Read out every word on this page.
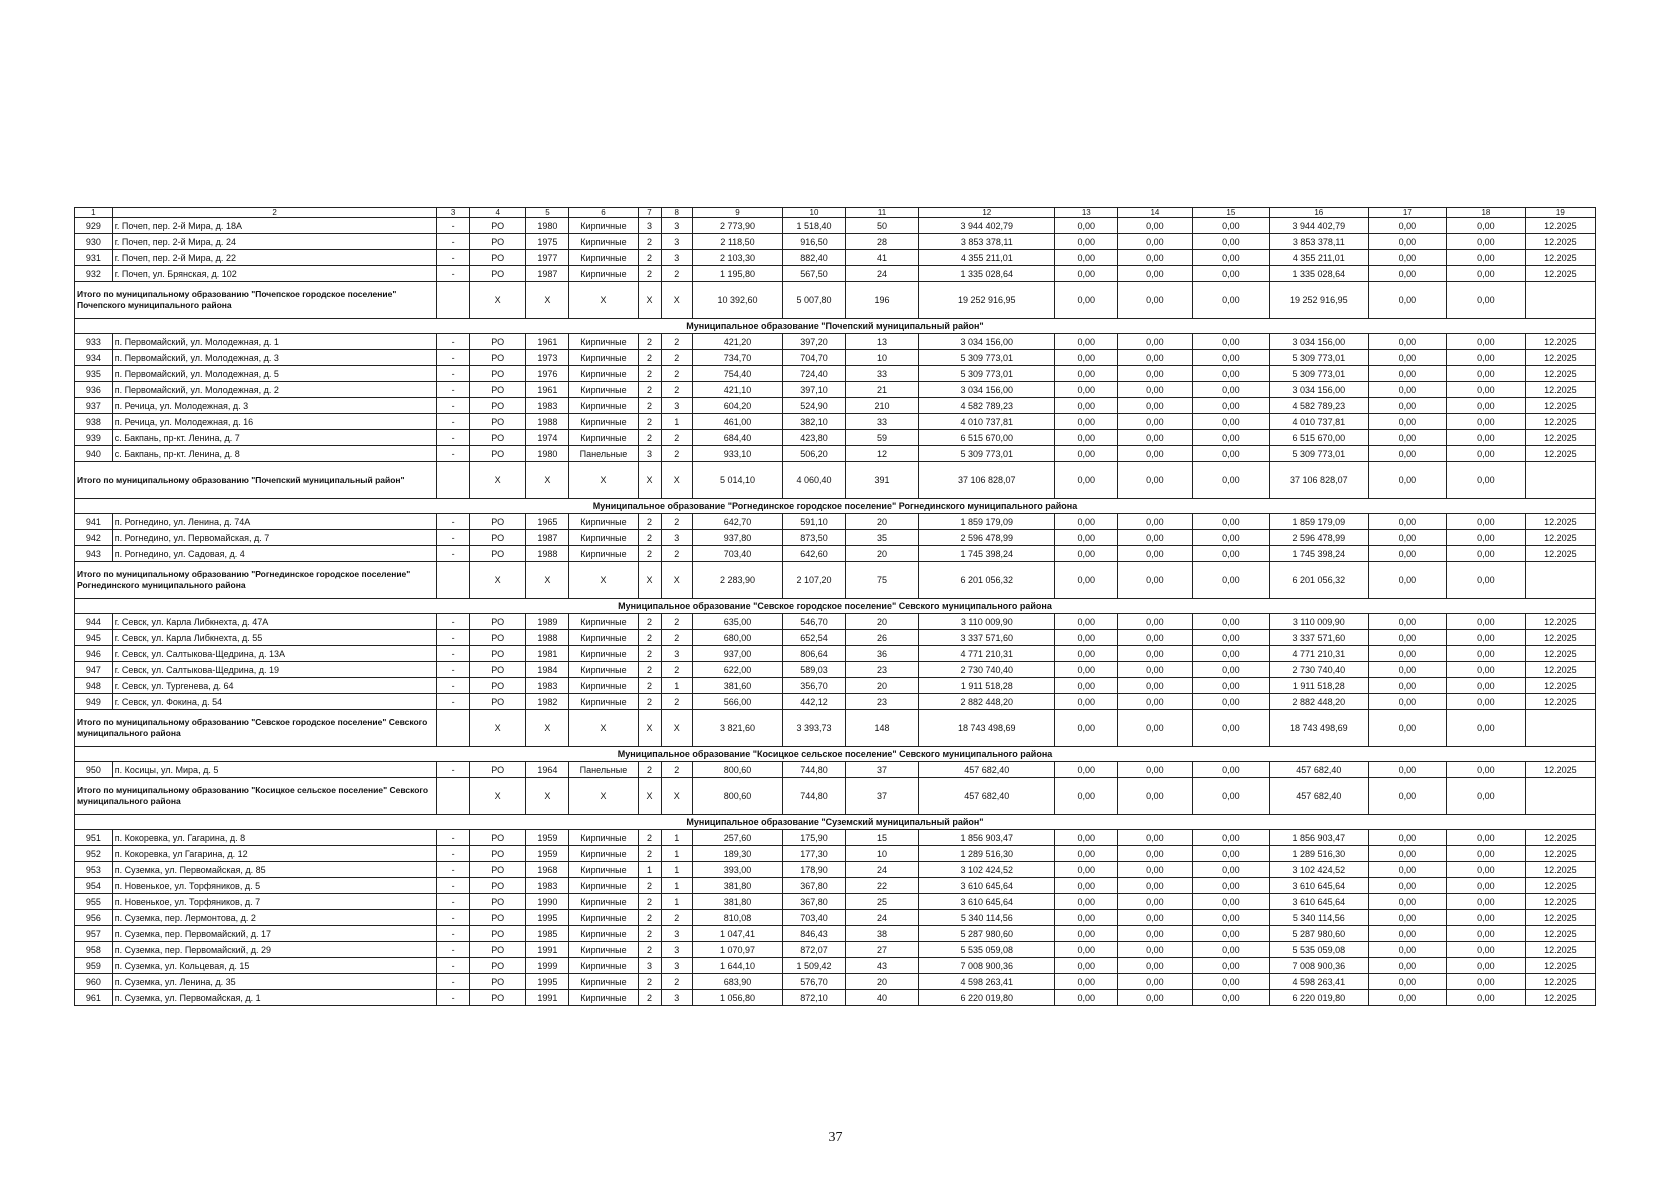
1	2	3	4	5	6	7	8	9	10	11	12	13	14	15	16	17	18	19
929	г. Почеп, пер. 2-й Мира, д. 18А	-	РО	1980	Кирпичные	3	3	2 773,90	1 518,40	50	3 944 402,79	0,00	0,00	0,00	3 944 402,79	0,00	0,00	12.2025
930	г. Почеп, пер. 2-й Мира, д. 24	-	РО	1975	Кирпичные	2	3	2 118,50	916,50	28	3 853 378,11	0,00	0,00	0,00	3 853 378,11	0,00	0,00	12.2025
931	г. Почеп, пер. 2-й Мира, д. 22	-	РО	1977	Кирпичные	2	3	2 103,30	882,40	41	4 355 211,01	0,00	0,00	0,00	4 355 211,01	0,00	0,00	12.2025
932	г. Почеп, ул. Брянская, д. 102	-	РО	1987	Кирпичные	2	2	1 195,80	567,50	24	1 335 028,64	0,00	0,00	0,00	1 335 028,64	0,00	0,00	12.2025
Итого по муниципальному образованию "Почепское городское поселение" Почепского муниципального района			X	X	X	X	X	10 392,60	5 007,80	196	19 252 916,95	0,00	0,00	0,00	19 252 916,95	0,00	0,00	
Муниципальное образование "Почепский муниципальный район"																		
933	п. Первомайский, ул. Молодежная, д. 1	-	РО	1961	Кирпичные	2	2	421,20	397,20	13	3 034 156,00	0,00	0,00	0,00	3 034 156,00	0,00	0,00	12.2025
934	п. Первомайский, ул. Молодежная, д. 3	-	РО	1973	Кирпичные	2	2	734,70	704,70	10	5 309 773,01	0,00	0,00	0,00	5 309 773,01	0,00	0,00	12.2025
935	п. Первомайский, ул. Молодежная, д. 5	-	РО	1976	Кирпичные	2	2	754,40	724,40	33	5 309 773,01	0,00	0,00	0,00	5 309 773,01	0,00	0,00	12.2025
936	п. Первомайский, ул. Молодежная, д. 2	-	РО	1961	Кирпичные	2	2	421,10	397,10	21	3 034 156,00	0,00	0,00	0,00	3 034 156,00	0,00	0,00	12.2025
937	п. Речица, ул. Молодежная, д. 3	-	РО	1983	Кирпичные	2	3	604,20	524,90	210	4 582 789,23	0,00	0,00	0,00	4 582 789,23	0,00	0,00	12.2025
938	п. Речица, ул. Молодежная, д. 16	-	РО	1988	Кирпичные	2	1	461,00	382,10	33	4 010 737,81	0,00	0,00	0,00	4 010 737,81	0,00	0,00	12.2025
939	с. Бакпань, пр-кт. Ленина, д. 7	-	РО	1974	Кирпичные	2	2	684,40	423,80	59	6 515 670,00	0,00	0,00	0,00	6 515 670,00	0,00	0,00	12.2025
940	с. Бакпань, пр-кт. Ленина, д. 8	-	РО	1980	Панельные	3	2	933,10	506,20	12	5 309 773,01	0,00	0,00	0,00	5 309 773,01	0,00	0,00	12.2025
Итого по муниципальному образованию "Почепский муниципальный район"			X	X	X	X	X	5 014,10	4 060,40	391	37 106 828,07	0,00	0,00	0,00	37 106 828,07	0,00	0,00	
Муниципальное образование "Рогнединское городское поселение" Рогнединского муниципального района																		
941	п. Рогнедино, ул. Ленина, д. 74А	-	РО	1965	Кирпичные	2	2	642,70	591,10	20	1 859 179,09	0,00	0,00	0,00	1 859 179,09	0,00	0,00	12.2025
942	п. Рогнедино, ул. Первомайская, д. 7	-	РО	1987	Кирпичные	2	3	937,80	873,50	35	2 596 478,99	0,00	0,00	0,00	2 596 478,99	0,00	0,00	12.2025
943	п. Рогнедино, ул. Садовая, д. 4	-	РО	1988	Кирпичные	2	2	703,40	642,60	20	1 745 398,24	0,00	0,00	0,00	1 745 398,24	0,00	0,00	12.2025
Итого по муниципальному образованию "Рогнединское городское поселение" Рогнединского муниципального района			X	X	X	X	X	2 283,90	2 107,20	75	6 201 056,32	0,00	0,00	0,00	6 201 056,32	0,00	0,00	
Муниципальное образование "Севское городское поселение" Севского муниципального района																		
944	г. Севск, ул. Карла Либкнехта, д. 47А	-	РО	1989	Кирпичные	2	2	635,00	546,70	20	3 110 009,90	0,00	0,00	0,00	3 110 009,90	0,00	0,00	12.2025
945	г. Севск, ул. Карла Либкнехта, д. 55	-	РО	1988	Кирпичные	2	2	680,00	652,54	26	3 337 571,60	0,00	0,00	0,00	3 337 571,60	0,00	0,00	12.2025
946	г. Севск, ул. Салтыкова-Щедрина, д. 13А	-	РО	1981	Кирпичные	2	3	937,00	806,64	36	4 771 210,31	0,00	0,00	0,00	4 771 210,31	0,00	0,00	12.2025
947	г. Севск, ул. Салтыкова-Щедрина, д. 19	-	РО	1984	Кирпичные	2	2	622,00	589,03	23	2 730 740,40	0,00	0,00	0,00	2 730 740,40	0,00	0,00	12.2025
948	г. Севск, ул. Тургенева, д. 64	-	РО	1983	Кирпичные	2	1	381,60	356,70	20	1 911 518,28	0,00	0,00	0,00	1 911 518,28	0,00	0,00	12.2025
949	г. Севск, ул. Фокина, д. 54	-	РО	1982	Кирпичные	2	2	566,00	442,12	23	2 882 448,20	0,00	0,00	0,00	2 882 448,20	0,00	0,00	12.2025
Итого по муниципальному образованию "Севское городское поселение" Севского муниципального района			X	X	X	X	X	3 821,60	3 393,73	148	18 743 498,69	0,00	0,00	0,00	18 743 498,69	0,00	0,00	
Муниципальное образование "Косицкое сельское поселение" Севского муниципального района																		
950	п. Косицы, ул. Мира, д. 5	-	РО	1964	Панельные	2	2	800,60	744,80	37	457 682,40	0,00	0,00	0,00	457 682,40	0,00	0,00	12.2025
Итого по муниципальному образованию "Косицкое сельское поселение" Севского муниципального района			X	X	X	X	X	800,60	744,80	37	457 682,40	0,00	0,00	0,00	457 682,40	0,00	0,00	
Муниципальное образование "Суземский муниципальный район"																		
951	п. Кокоревка, ул. Гагарина, д. 8	-	РО	1959	Кирпичные	2	1	257,60	175,90	15	1 856 903,47	0,00	0,00	0,00	1 856 903,47	0,00	0,00	12.2025
952	п. Кокоревка, ул Гагарина, д. 12	-	РО	1959	Кирпичные	2	1	189,30	177,30	10	1 289 516,30	0,00	0,00	0,00	1 289 516,30	0,00	0,00	12.2025
953	п. Суземка, ул. Первомайская, д. 85	-	РО	1968	Кирпичные	1	1	393,00	178,90	24	3 102 424,52	0,00	0,00	0,00	3 102 424,52	0,00	0,00	12.2025
954	п. Новенькое, ул. Торфяников, д. 5	-	РО	1983	Кирпичные	2	1	381,80	367,80	22	3 610 645,64	0,00	0,00	0,00	3 610 645,64	0,00	0,00	12.2025
955	п. Новенькое, ул. Торфяников, д. 7	-	РО	1990	Кирпичные	2	1	381,80	367,80	25	3 610 645,64	0,00	0,00	0,00	3 610 645,64	0,00	0,00	12.2025
956	п. Суземка, пер. Лермонтова, д. 2	-	РО	1995	Кирпичные	2	2	810,08	703,40	24	5 340 114,56	0,00	0,00	0,00	5 340 114,56	0,00	0,00	12.2025
957	п. Суземка, пер. Первомайский, д. 17	-	РО	1985	Кирпичные	2	3	1 047,41	846,43	38	5 287 980,60	0,00	0,00	0,00	5 287 980,60	0,00	0,00	12.2025
958	п. Суземка, пер. Первомайский, д. 29	-	РО	1991	Кирпичные	2	3	1 070,97	872,07	27	5 535 059,08	0,00	0,00	0,00	5 535 059,08	0,00	0,00	12.2025
959	п. Суземка, ул. Кольцевая, д. 15	-	РО	1999	Кирпичные	3	3	1 644,10	1 509,42	43	7 008 900,36	0,00	0,00	0,00	7 008 900,36	0,00	0,00	12.2025
960	п. Суземка, ул. Ленина, д. 35	-	РО	1995	Кирпичные	2	2	683,90	576,70	20	4 598 263,41	0,00	0,00	0,00	4 598 263,41	0,00	0,00	12.2025
961	п. Суземка, ул. Первомайская, д. 1	-	РО	1991	Кирпичные	2	3	1 056,80	872,10	40	6 220 019,80	0,00	0,00	0,00	6 220 019,80	0,00	0,00	12.2025
37
